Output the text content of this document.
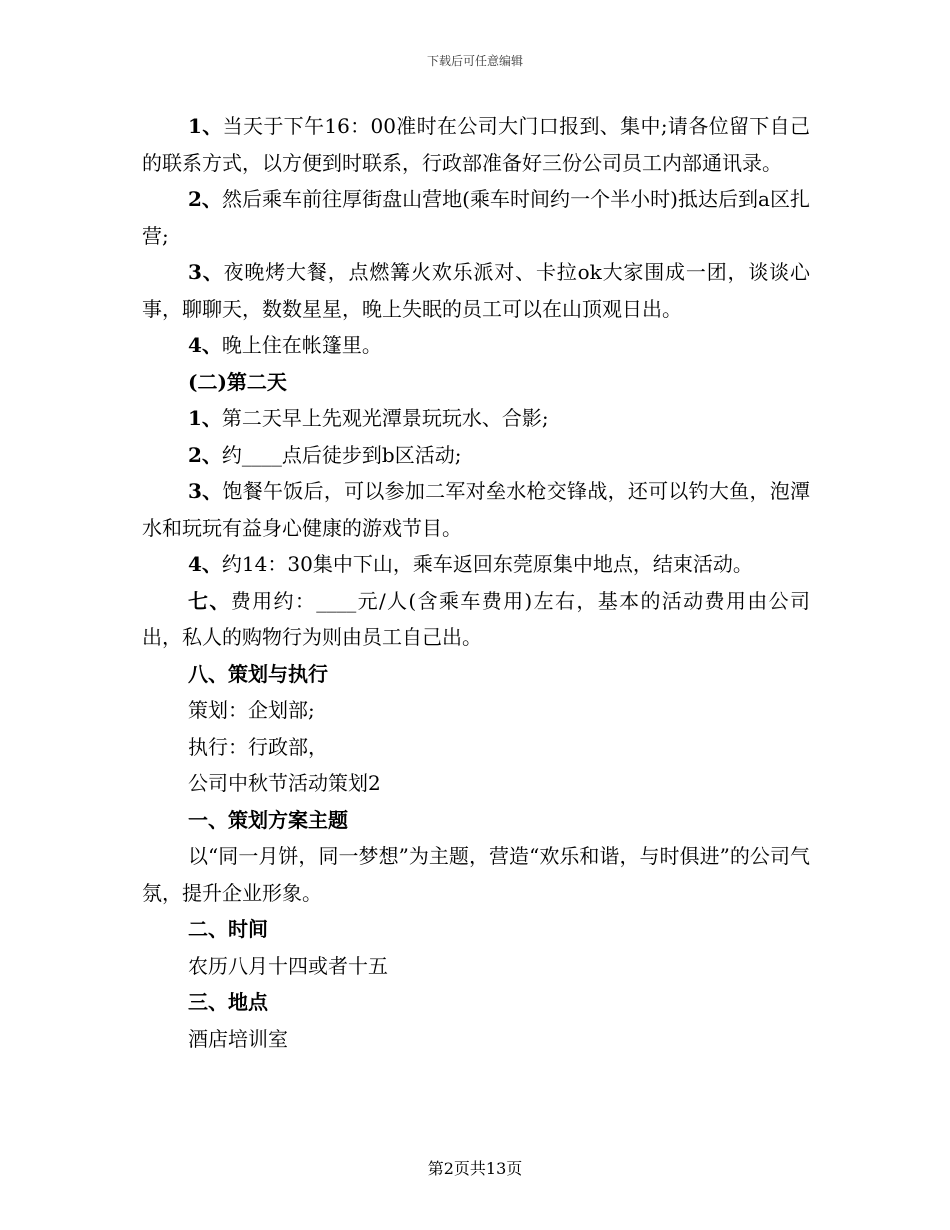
下载后可任意编辑

1、当天于下午16：00准时在公司大门口报到、集中;请各位留下自己的联系方式，以方便到时联系，行政部准备好三份公司员工内部通讯录。

2、然后乘车前往厚街盘山营地(乘车时间约一个半小时)抵达后到a区扎营;

3、夜晚烤大餐，点燃篝火欢乐派对、卡拉ok大家围成一团，谈谈心事，聊聊天，数数星星，晚上失眠的员工可以在山顶观日出。

4、晚上住在帐篷里。

(二)第二天

1、第二天早上先观光潭景玩玩水、合影;

2、约____点后徒步到b区活动;

3、饱餐午饭后，可以参加二军对垒水枪交锋战，还可以钓大鱼，泡潭水和玩玩有益身心健康的游戏节目。

4、约14：30集中下山，乘车返回东莞原集中地点，结束活动。

七、费用约：____元/人(含乘车费用)左右，基本的活动费用由公司出，私人的购物行为则由员工自己出。

八、策划与执行

策划：企划部;

执行：行政部，

公司中秋节活动策划2

一、策划方案主题

以“同一月饼，同一梦想”为主题，营造“欢乐和谐，与时俱进”的公司气氛，提升企业形象。

二、时间

农历八月十四或者十五

三、地点

酒店培训室

第2页共13页
